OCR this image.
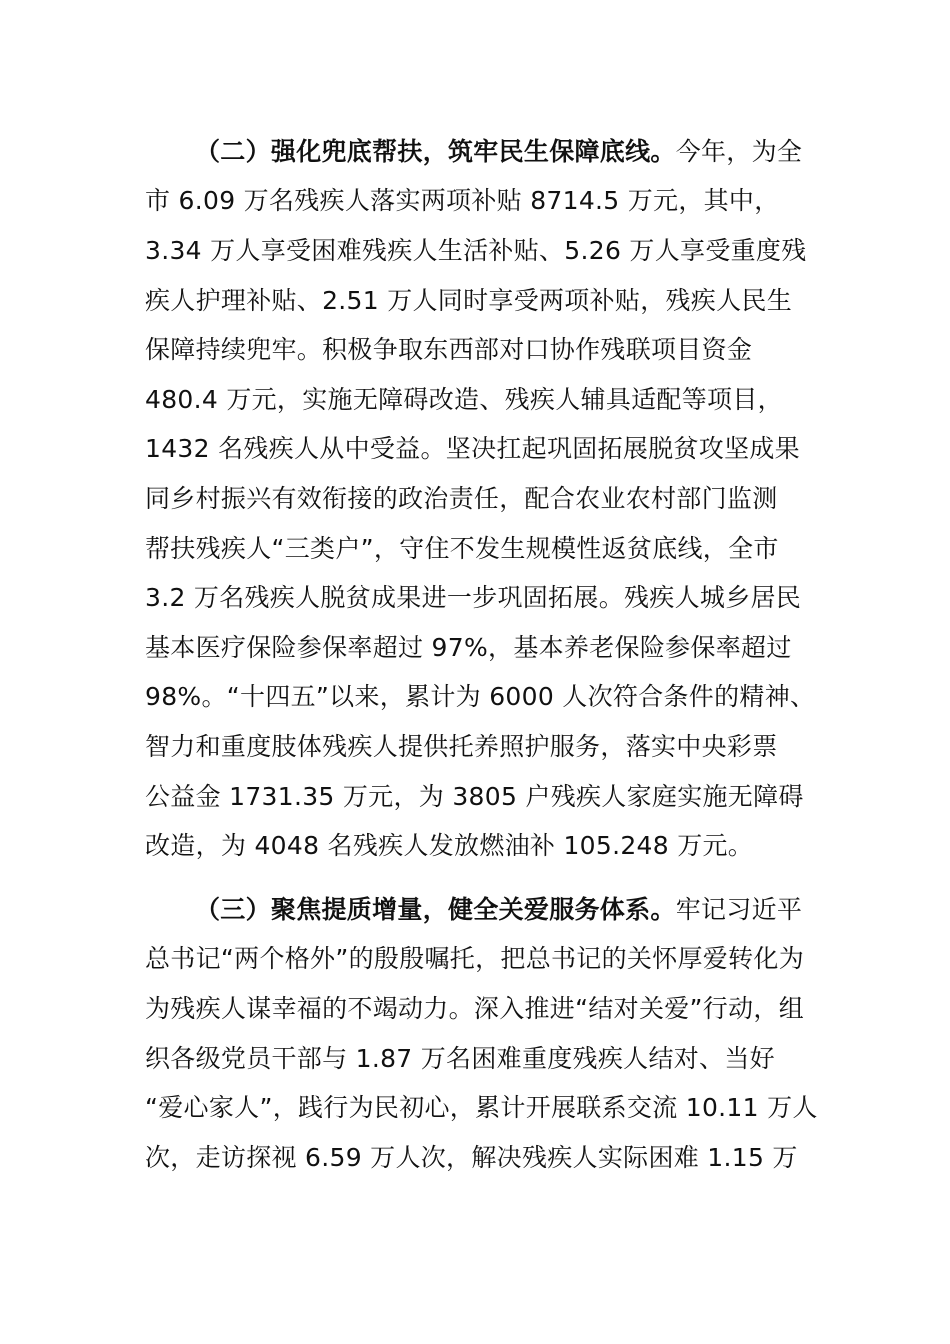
（二）强化兜底帮扶，筑牢民生保障底线。今年，为全
市 6.09 万名残疾人落实两项补贴 8714.5 万元，其中，
3.34 万人享受困难残疾人生活补贴、5.26 万人享受重度残
疾人护理补贴、2.51 万人同时享受两项补贴，残疾人民生
保障持续兜牢。积极争取东西部对口协作残联项目资金
480.4 万元，实施无障碍改造、残疾人辅具适配等项目，
1432 名残疾人从中受益。坚决扛起巩固拓展脱贫攻坚成果
同乡村振兴有效衔接的政治责任，配合农业农村部门监测
帮扶残疾人“三类户”，守住不发生规模性返贫底线，全市
3.2 万名残疾人脱贫成果进一步巩固拓展。残疾人城乡居民
基本医疗保险参保率超过 97%，基本养老保险参保率超过
98%。“十四五”以来，累计为 6000 人次符合条件的精神、
智力和重度肢体残疾人提供托养照护服务，落实中央彩票
公益金 1731.35 万元，为 3805 户残疾人家庭实施无障碍
改造，为 4048 名残疾人发放燃油补 105.248 万元。
（三）聚焦提质增量，健全关爱服务体系。牢记习近平
总书记“两个格外”的殷殷嘱托，把总书记的关怀厚爱转化为
为残疾人谋幸福的不竭动力。深入推进“结对关爱”行动，组
织各级党员干部与 1.87 万名困难重度残疾人结对、当好
“爱心家人”，践行为民初心，累计开展联系交流 10.11 万人
次，走访探视 6.59 万人次，解决残疾人实际困难 1.15 万
